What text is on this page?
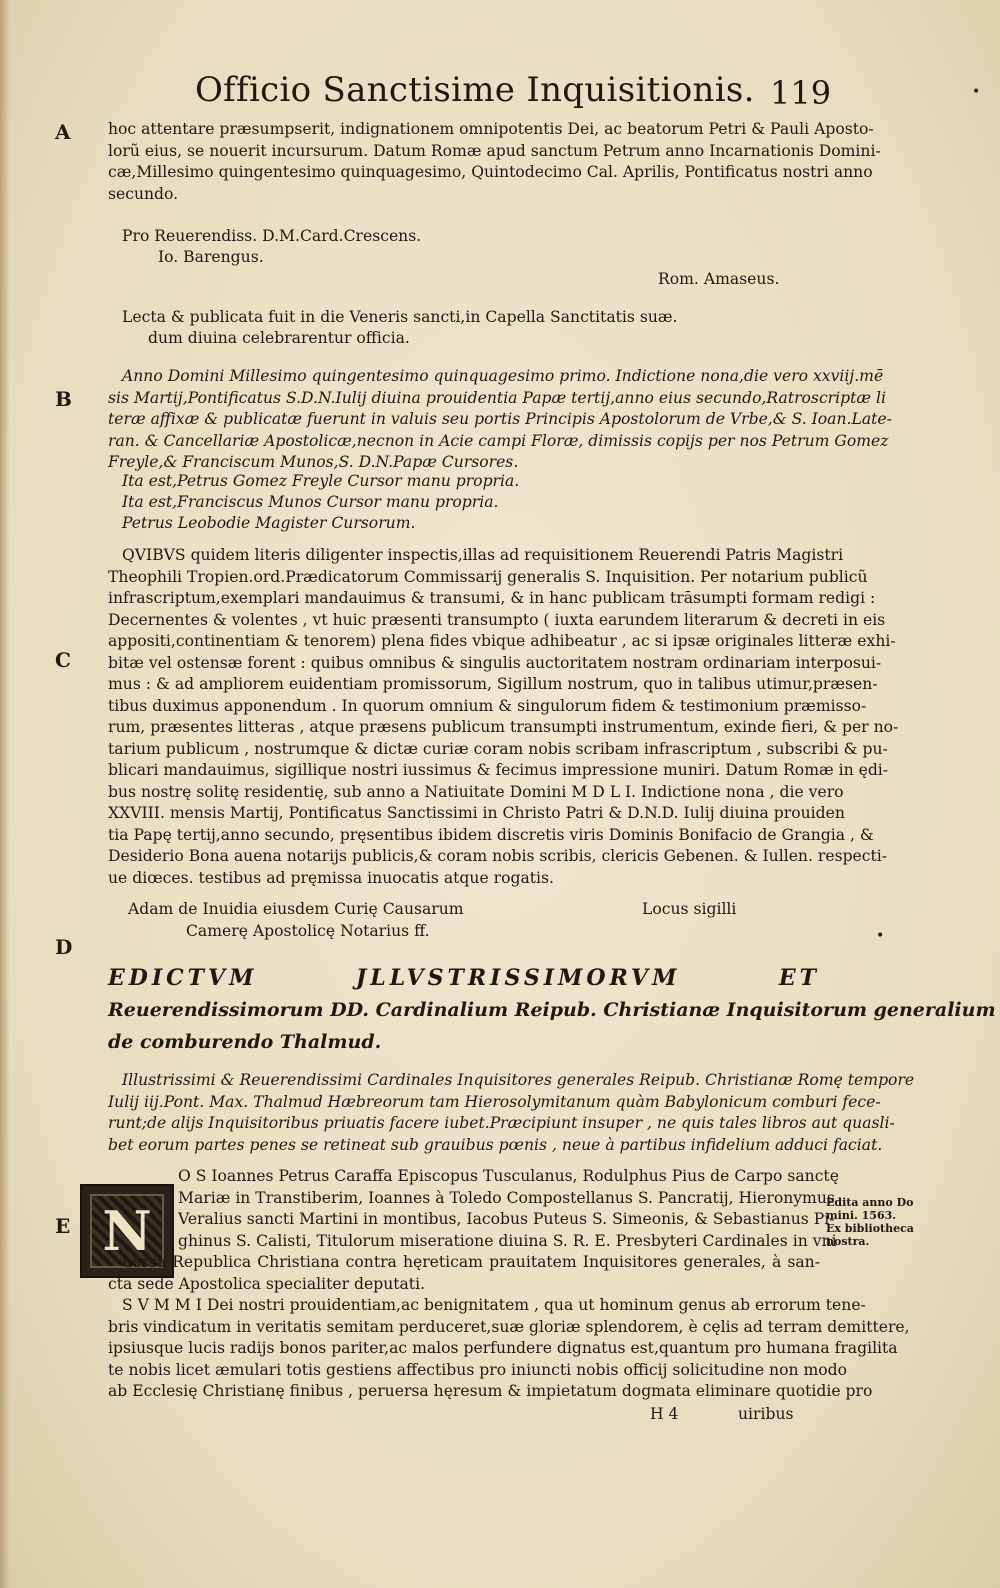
Officio Sanctisime Inquisitionis. 119
A hoc attentare præsumpserit, indignationem omnipotentis Dei, ac beatorum Petri & Pauli Aposto-
lorũ eius, se nouerit incursurum. Datum Romæ apud sanctum Petrum anno Incarnationis Domini-
cæ,Millesimo quingentesimo quinquagesimo, Quintodecimo Cal. Aprilis, Pontificatus nostri anno
secundo.
Pro Reuerendiss. D.M.Card.Crescens.
Io. Barengus.
Rom. Amaseus.
Lecta & publicata fuit in die Veneris sancti,in Capella Sanctitatis suæ.
dum diuina celebrarentur officia.
B
Anno Domini Millesimo quingentesimo quinquagesimo primo. Indictione nona,die vero xxviij.mē
sis Martij,Pontificatus S.D.N.Iulij diuina prouidentia Papæ tertij,anno eius secundo,Ratroscriptæ li
teræ affixæ & publicatæ fuerunt in valuis seu portis Principis Apostolorum de Vrbe,& S. Ioan.Late-
ran. & Cancellariæ Apostolicæ,necnon in Acie campi Floræ, dimissis copijs per nos Petrum Gomez
Freyle,& Franciscum Munos,S. D.N.Papæ Cursores.
Ita est,Petrus Gomez Freyle Cursor manu propria.
Ita est,Franciscus Munos Cursor manu propria.
Petrus Leobodie Magister Cursorum.
C
QVIBVS quidem literis diligenter inspectis,illas ad requisitionem Reuerendi Patris Magistri
Theophili Tropien.ord.Prædicatorum Commissarij generalis S. Inquisition. Per notarium publicũ
infrascriptum,exemplari mandauimus & transumi, & in hanc publicam trāsumpti formam redigi :
Decernentes & volentes , vt huic præsenti transumpto ( iuxta earundem literarum & decreti in eis
appositi,continentiam & tenorem) plena fides vbique adhibeatur , ac si ipsæ originales litteræ exhi-
bitæ vel ostensæ forent : quibus omnibus & singulis auctoritatem nostram ordinariam interposui-
mus : & ad ampliorem euidentiam promissorum, Sigillum nostrum, quo in talibus utimur,præsen-
tibus duximus apponendum . In quorum omnium & singulorum fidem & testimonium præmisso-
rum, præsentes litteras , atque præsens publicum transumpti instrumentum, exinde fieri, & per no-
tarium publicum , nostrumque & dictæ curiæ coram nobis scribam infrascriptum , subscribi & pu-
blicari mandauimus, sigillique nostri iussimus & fecimus impressione muniri. Datum Romæ in ędi-
bus nostrę solitę residentię, sub anno a Natiuitate Domini M D L I. Indictione nona , die vero
XXVIII. mensis Martij, Pontificatus Sanctissimi in Christo Patri & D.N.D. Iulij diuina prouiden
tia Papę tertij,anno secundo, pręsentibus ibidem discretis viris Dominis Bonifacio de Grangia , &
Desiderio Bona auena notarijs publicis,& coram nobis scribis, clericis Gebenen. & Iullen. respecti-
ue diœces. testibus ad pręmissa inuocatis atque rogatis.
Adam de Inuidia eiusdem Curię Causarum
Camerę Apostolicę Notarius ff.
Locus sigilli
D
EDICTVM JLLVSTRISSIMORVM ET
Reuerendissimorum DD. Cardinalium Reipub. Christianæ Inquisitorum generalium
de comburendo Thalmud.
Illustrissimi & Reuerendissimi Cardinales Inquisitores generales Reipub. Christianæ Romę tempore
Iulij iij.Pont. Max. Thalmud Hæbreorum tam Hierosolymitanum quàm Babylonicum comburi fece-
runt;de alijs Inquisitoribus priuatis facere iubet.Præcipiunt insuper , ne quis tales libros aut quasli-
bet eorum partes penes se retineat sub grauibus pœnis , neue à partibus infidelium adduci faciat.
N
E
O S Ioannes Petrus Caraffa Episcopus Tusculanus, Rodulphus Pius de Carpo sanctę
Mariæ in Transtiberim, Ioannes à Toledo Compostellanus S. Pancratij, Hieronymus
Veralius sancti Martini in montibus, Iacobus Puteus S. Simeonis, & Sebastianus Pi-
ghinus S. Calisti, Titulorum miseratione diuina S. R. E. Presbyteri Cardinales in vni
uersa Republica Christiana contra hęreticam prauitatem Inquisitores generales, à san-
cta sede Apostolica specialiter deputati.
Edita anno Do
mini. 1563.
Ex bibliotheca
nostra.
S V M M I Dei nostri prouidentiam,ac benignitatem , qua ut hominum genus ab errorum tene-
bris vindicatum in veritatis semitam perduceret,suæ gloriæ splendorem, è cęlis ad terram demittere,
ipsiusque lucis radijs bonos pariter,ac malos perfundere dignatus est,quantum pro humana fragilita
te nobis licet æmulari totis gestiens affectibus pro iniuncti nobis officij solicitudine non modo
ab Ecclesię Christianę finibus , peruersa hęresum & impietatum dogmata eliminare quotidie pro
H 4	uiribus
•
•
